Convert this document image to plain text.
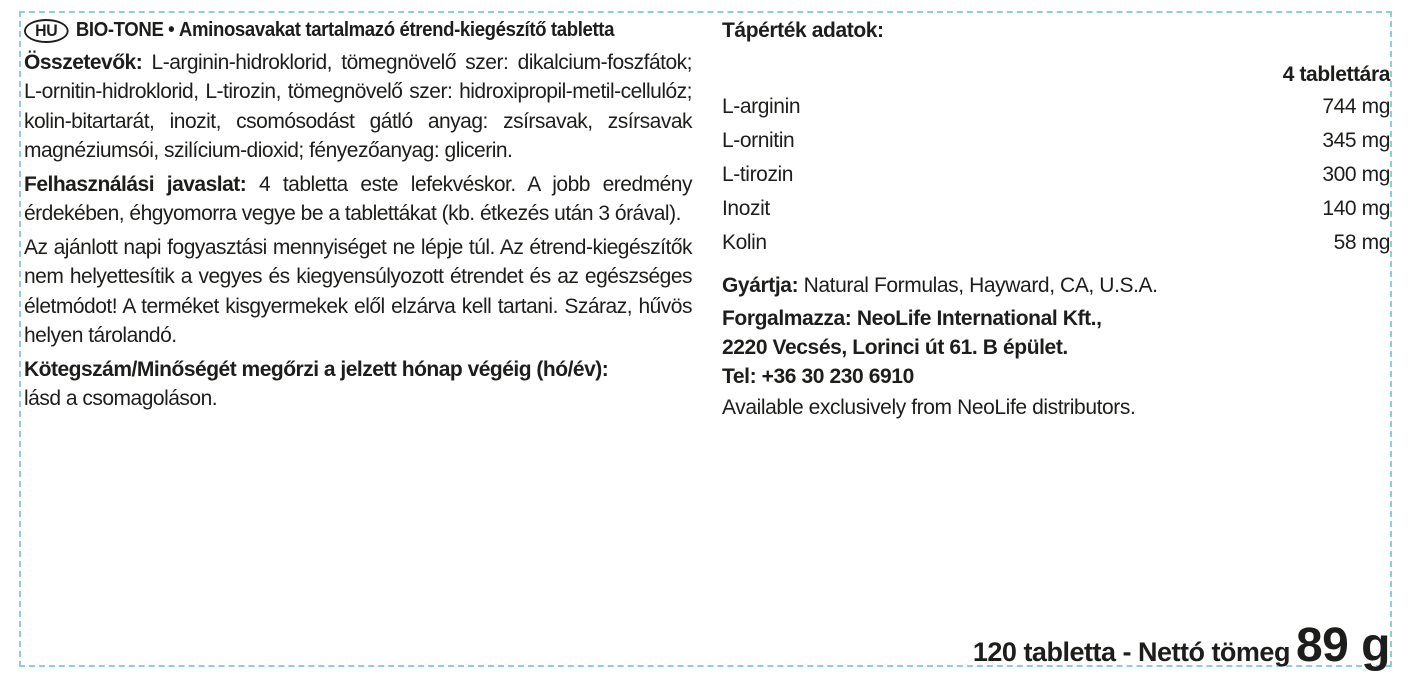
HU BIO-TONE • Aminosavakat tartalmazó étrend-kiegészítő tabletta

Összetevők: L-arginin-hidroklorid, tömegnövelő szer: dikalcium-foszfátok; L-ornitin-hidroklorid, L-tirozin, tömegnövelő szer: hidroxipropil-metil-cellulóz; kolin-bitartarát, inozit, csomósodást gátló anyag: zsírsavak, zsírsavak magnéziumsói, szilícium-dioxid; fényezőanyag: glicerin.

Felhasználási javaslat: 4 tabletta este lefekvéskor. A jobb eredmény érdekében, éhgyomorra vegye be a tablettákat (kb. étkezés után 3 órával).

Az ajánlott napi fogyasztási mennyiséget ne lépje túl. Az étrend-kiegészítők nem helyettesítik a vegyes és kiegyensúlyozott étrendet és az egészséges életmódot! A terméket kisgyermekek elől elzárva kell tartani. Száraz, hűvös helyen tárolandó.

Kötegszám/Minőségét megőrzi a jelzett hónap végéig (hó/év):
lásd a csomagoláson.

Tápérték adatok:
4 tablettára
L-arginin	744 mg
L-ornitin	345 mg
L-tirozin	300 mg
Inozit	140 mg
Kolin	58 mg
Gyártja: Natural Formulas, Hayward, CA, U.S.A.
Forgalmazza: NeoLife International Kft.,
2220 Vecsés, Lorinci út 61. B épület.
Tel: +36 30 230 6910
Available exclusively from NeoLife distributors.
120 tabletta - Nettó tömeg 89 g
